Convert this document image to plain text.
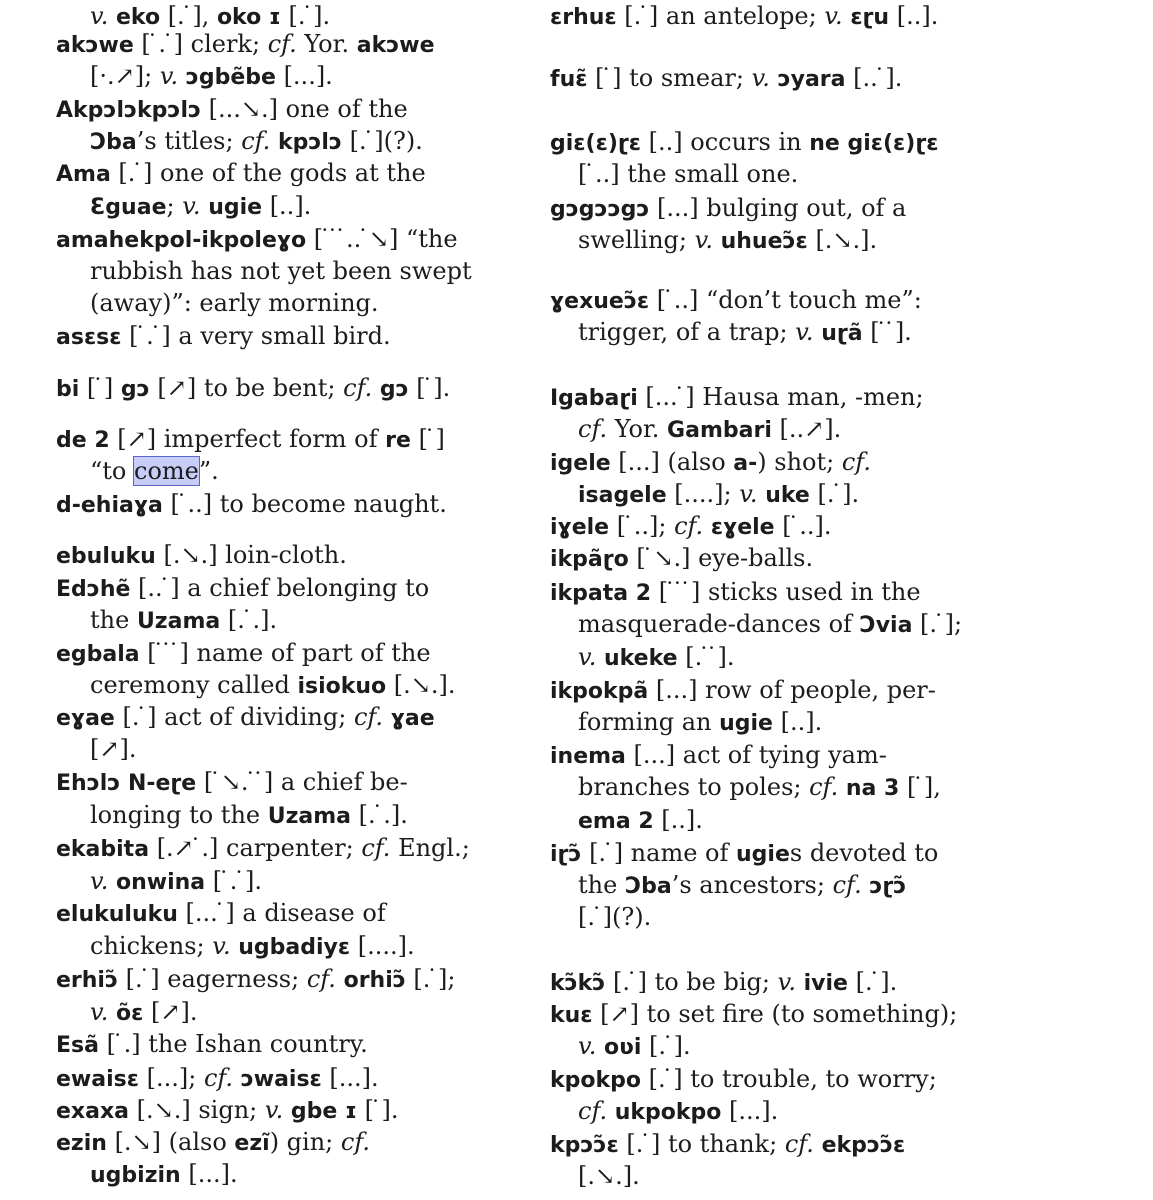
v. eko [. ̇], oko ɪ [. ̇].
akɔwe [ ̇. ̇] clerk; cf. Yor. akɔwe
[·.↗]; v. ɔgbẽbe [...].
Akpɔlɔkpɔlɔ [...↘.] one of the
Ɔba’s titles; cf. kpɔlɔ [. ̇](?).
Ama [. ̇] one of the gods at the
Ɛguae; v. ugie [..].
amahekpol-ikpoleɣo [ ̇ ̇ ̇.. ̇↘] “the
rubbish has not yet been swept
(away)”: early morning.
asɛsɛ [ ̇. ̇] a very small bird.
bi [ ̇] gɔ [↗] to be bent; cf. gɔ [ ̇].
de 2 [↗] imperfect form of re [ ̇]
“to come”.
d-ehiaɣa [ ̇..] to become naught.
ebuluku [.↘.] loin-cloth.
Edɔhẽ [.. ̇] a chief belonging to
the Uzama [. ̇.].
egbala [ ̇ ̇ ̇] name of part of the
ceremony called isiokuo [.↘.].
eɣae [. ̇] act of dividing; cf. ɣae
[↗].
Ehɔlɔ N-eɽe [ ̇↘. ̇ ̇] a chief be-
longing to the Uzama [. ̇.].
ekabita [.↗ ̇.] carpenter; cf. Engl.;
v. onwina [ ̇. ̇].
elukuluku [... ̇] a disease of
chickens; v. ugbadiyɛ [....].
erhiɔ̃ [. ̇] eagerness; cf. orhiɔ̃ [. ̇];
v. õɛ [↗].
Esã [ ̇.] the Ishan country.
ewaisɛ [...]; cf. ɔwaisɛ [...].
exaxa [.↘.] sign; v. gbe ɪ [ ̇].
ezin [.↘] (also ezĩ) gin; cf.
ugbizin [...].
ɛrhuɛ [. ̇] an antelope; v. ɛɽu [..].
fuɛ̃ [ ̇] to smear; v. ɔyara [.. ̇].
giɛ(ɛ)ɽɛ [..] occurs in ne giɛ(ɛ)ɽɛ
[ ̇..] the small one.
gɔgɔɔgɔ [...] bulging out, of a
swelling; v. uhueɔ̃ɛ [.↘.].
ɣexueɔ̃ɛ [ ̇..] “don’t touch me”:
trigger, of a trap; v. uɽã [ ̇ ̇].
Igabaɽi [... ̇] Hausa man, -men;
cf. Yor. Gambari [..↗].
igele [...] (also a-) shot; cf.
isagele [....]; v. uke [. ̇].
iɣele [ ̇..]; cf. ɛɣele [ ̇..].
ikpãɽo [ ̇↘.] eye-balls.
ikpata 2 [ ̇ ̇ ̇] sticks used in the
masquerade-dances of Ɔvia [. ̇];
v. ukeke [. ̇ ̇].
ikpokpã [...] row of people, per-
forming an ugie [..].
inema [...] act of tying yam-
branches to poles; cf. na 3 [ ̇],
ema 2 [..].
iɽɔ̃ [. ̇] name of ugies devoted to
the Ɔba’s ancestors; cf. ɔɽɔ̃
[. ̇](?).
kɔ̃kɔ̃ [. ̇] to be big; v. ivie [. ̇].
kuɛ [↗] to set fire (to something);
v. oʋi [. ̇].
kpokpo [. ̇] to trouble, to worry;
cf. ukpokpo [...].
kpɔɔ̃ɛ [. ̇] to thank; cf. ekpɔɔ̃ɛ
[.↘.].
